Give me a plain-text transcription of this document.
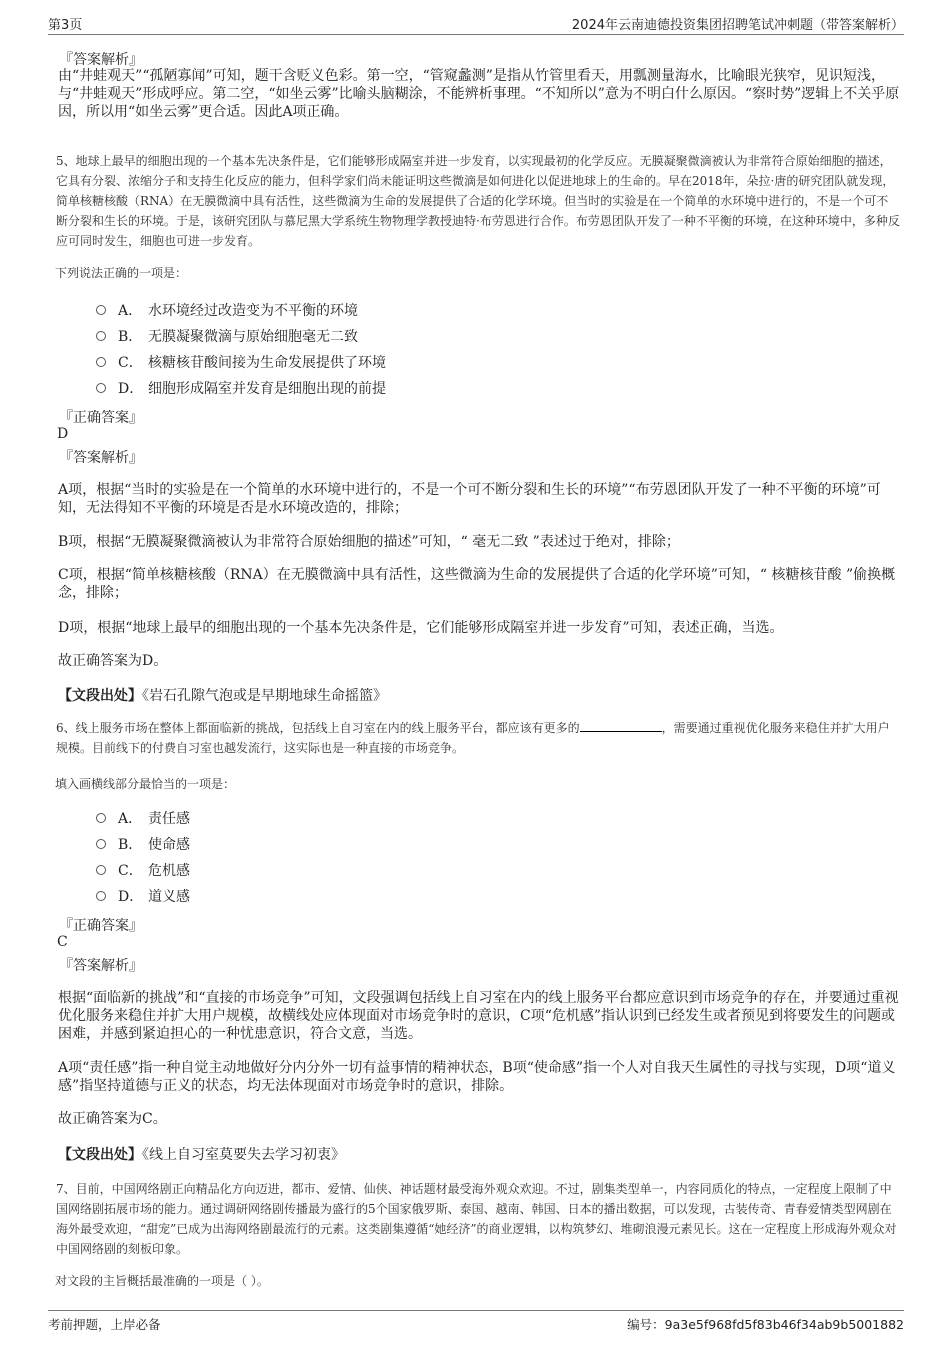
第3页	2024年云南迪德投资集团招聘笔试冲刺题（带答案解析）
『答案解析』

由“井蛙观天”“孤陋寡闻”可知，题干含贬义色彩。第一空，“管窥蠡测”是指从竹管里看天，用瓢测量海水，比喻眼光狭窄，见识短浅，与“井蛙观天”形成呼应。第二空，“如坐云雾”比喻头脑糊涂，不能辨析事理。“不知所以”意为不明白什么原因。“察时势”逻辑上不关乎原因，所以用“如坐云雾”更合适。因此A项正确。

5、地球上最早的细胞出现的一个基本先决条件是，它们能够形成隔室并进一步发育，以实现最初的化学反应。无膜凝聚微滴被认为非常符合原始细胞的描述，它具有分裂、浓缩分子和支持生化反应的能力，但科学家们尚未能证明这些微滴是如何进化以促进地球上的生命的。早在2018年，朵拉·唐的研究团队就发现，简单核糖核酸（RNA）在无膜微滴中具有活性，这些微滴为生命的发展提供了合适的化学环境。但当时的实验是在一个简单的水环境中进行的，不是一个可不断分裂和生长的环境。于是，该研究团队与慕尼黑大学系统生物物理学教授迪特·布劳恩进行合作。布劳恩团队开发了一种不平衡的环境，在这种环境中，多种反应可同时发生，细胞也可进一步发育。

下列说法正确的一项是：
A． 水环境经过改造变为不平衡的环境
B． 无膜凝聚微滴与原始细胞毫无二致
C． 核糖核苷酸间接为生命发展提供了环境
D． 细胞形成隔室并发育是细胞出现的前提
『正确答案』
D
『答案解析』

A项，根据“当时的实验是在一个简单的水环境中进行的，不是一个可不断分裂和生长的环境”“布劳恩团队开发了一种不平衡的环境”可知，无法得知不平衡的环境是否是水环境改造的，排除；

B项，根据“无膜凝聚微滴被认为非常符合原始细胞的描述”可知，“ 毫无二致 ”表述过于绝对，排除；

C项，根据“简单核糖核酸（RNA）在无膜微滴中具有活性，这些微滴为生命的发展提供了合适的化学环境”可知，“ 核糖核苷酸 ”偷换概念，排除；

D项，根据“地球上最早的细胞出现的一个基本先决条件是，它们能够形成隔室并进一步发育”可知，表述正确，当选。

故正确答案为D。

【文段出处】《岩石孔隙气泡或是早期地球生命摇篮》

6、线上服务市场在整体上都面临新的挑战，包括线上自习室在内的线上服务平台，都应该有更多的	，需要通过重视优化服务来稳住并扩大用户规模。目前线下的付费自习室也越发流行，这实际也是一种直接的市场竞争。

填入画横线部分最恰当的一项是：
A． 责任感
B． 使命感
C． 危机感
D． 道义感
『正确答案』
C
『答案解析』

根据“面临新的挑战”和“直接的市场竞争”可知，文段强调包括线上自习室在内的线上服务平台都应意识到市场竞争的存在，并要通过重视优化服务来稳住并扩大用户规模，故横线处应体现面对市场竞争时的意识，C项“危机感”指认识到已经发生或者预见到将要发生的问题或困难，并感到紧迫担心的一种忧患意识，符合文意，当选。

A项“责任感”指一种自觉主动地做好分内分外一切有益事情的精神状态，B项“使命感”指一个人对自我天生属性的寻找与实现，D项“道义感”指坚持道德与正义的状态，均无法体现面对市场竞争时的意识，排除。

故正确答案为C。

【文段出处】《线上自习室莫要失去学习初衷》

7、目前，中国网络剧正向精品化方向迈进，都市、爱情、仙侠、神话题材最受海外观众欢迎。不过，剧集类型单一，内容同质化的特点，一定程度上限制了中国网络剧拓展市场的能力。通过调研网络剧传播最为盛行的5个国家俄罗斯、泰国、越南、韩国、日本的播出数据，可以发现，古装传奇、青春爱情类型网剧在海外最受欢迎，“甜宠”已成为出海网络剧最流行的元素。这类剧集遵循“她经济”的商业逻辑，以构筑梦幻、堆砌浪漫元素见长。这在一定程度上形成海外观众对中国网络剧的刻板印象。

对文段的主旨概括最准确的一项是（ ）。
考前押题，上岸必备	编号：9a3e5f968fd5f83b46f34ab9b5001882
